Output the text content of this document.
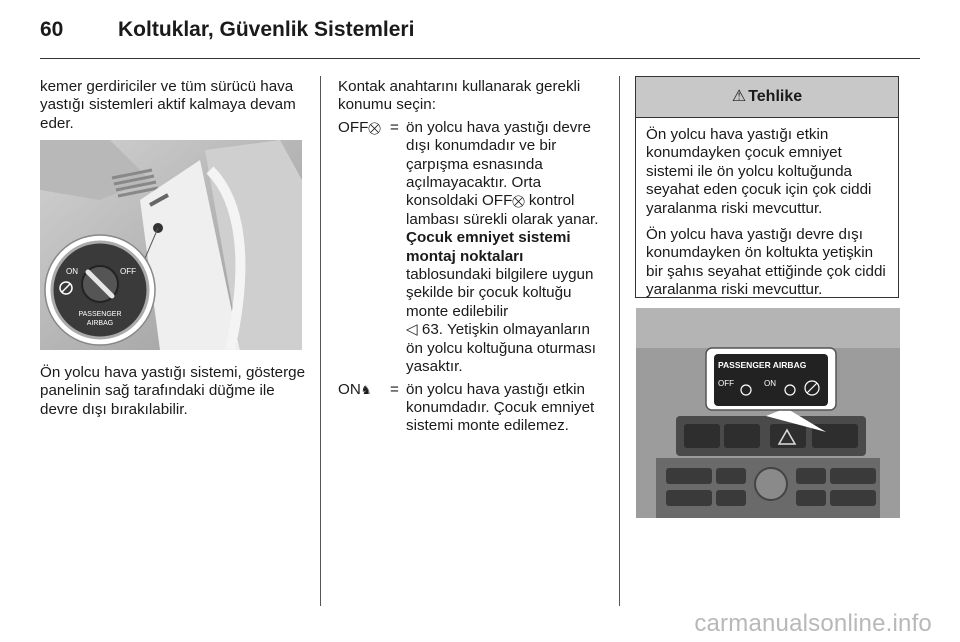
60	Koltuklar, Güvenlik Sistemleri
kemer gerdiriciler ve tüm sürücü hava yastığı sistemleri aktif kalmaya devam eder.
ON	OFF
PASSENGER
AIRBAG
Ön yolcu hava yastığı sistemi, gösterge panelinin sağ tarafındaki düğme ile devre dışı bırakılabilir.
Kontak anahtarını kullanarak gerekli konumu seçin:
OFF⛒ = ön yolcu hava yastığı devre dışı konumdadır ve bir çarpışma esnasında açılmayacaktır. Orta konsoldaki OFF⛒ kontrol lambası sürekli olarak yanar. Çocuk emniyet sistemi montaj noktaları tablosundaki bilgilere uygun şekilde bir çocuk koltuğu monte edilebilir
◁ 63. Yetişkin olmayanların ön yolcu koltuğuna oturması yasaktır.
ON♞	= ön yolcu hava yastığı etkin konumdadır. Çocuk emniyet sistemi monte edilemez.
⚠ Tehlike

Ön yolcu hava yastığı etkin konumdayken çocuk emniyet sistemi ile ön yolcu koltuğunda seyahat eden çocuk için çok ciddi yaralanma riski mevcuttur.

Ön yolcu hava yastığı devre dışı konumdayken ön koltukta yetişkin bir şahıs seyahat ettiğinde çok ciddi yaralanma riski mevcuttur.

PASSENGER AIRBAG
OFF	ON
carmanualsonline.info
